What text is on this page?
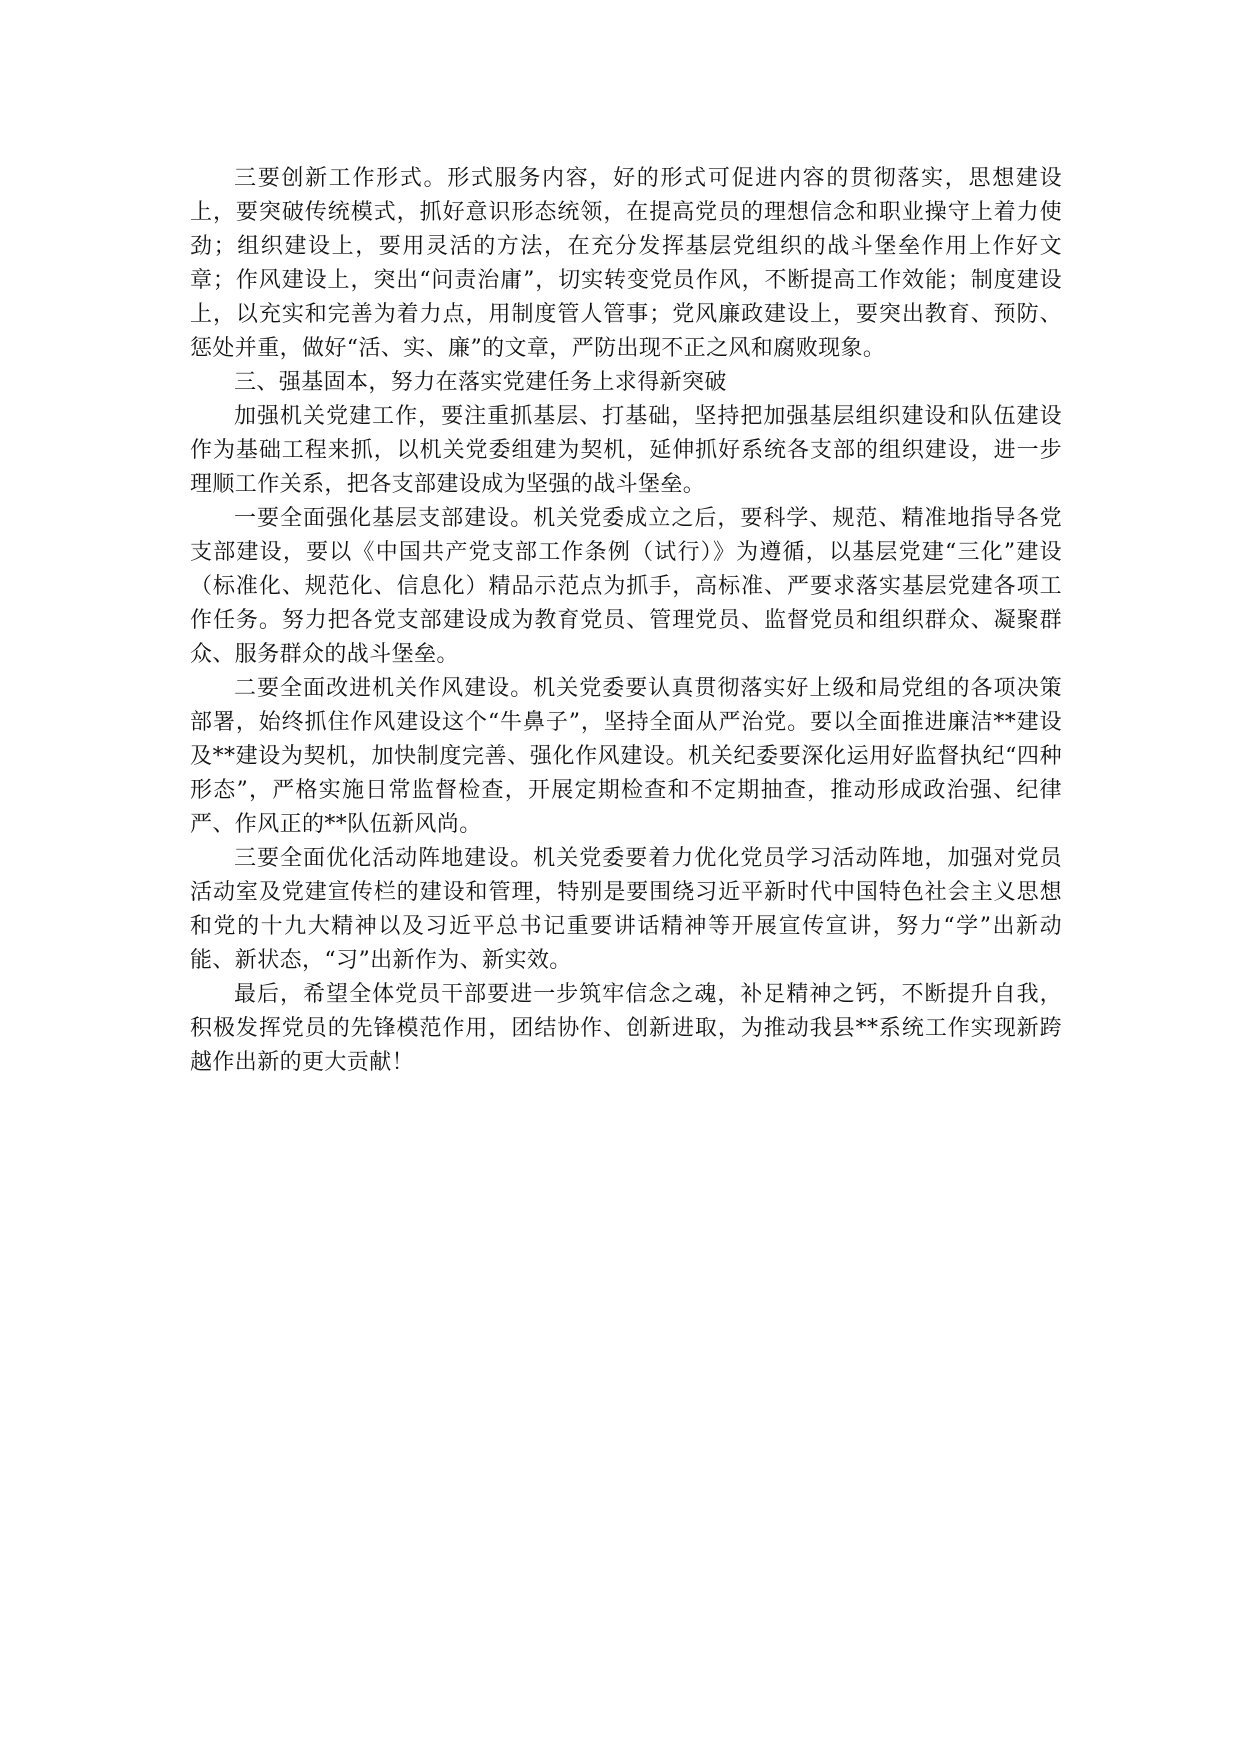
三要创新工作形式。形式服务内容，好的形式可促进内容的贯彻落实，思想建设上，要突破传统模式，抓好意识形态统领，在提高党员的理想信念和职业操守上着力使劲；组织建设上，要用灵活的方法，在充分发挥基层党组织的战斗堡垒作用上作好文章；作风建设上，突出“问责治庸”，切实转变党员作风，不断提高工作效能；制度建设上，以充实和完善为着力点，用制度管人管事；党风廉政建设上，要突出教育、预防、惩处并重，做好“活、实、廉”的文章，严防出现不正之风和腐败现象。

三、强基固本，努力在落实党建任务上求得新突破

加强机关党建工作，要注重抓基层、打基础，坚持把加强基层组织建设和队伍建设作为基础工程来抓，以机关党委组建为契机，延伸抓好系统各支部的组织建设，进一步理顺工作关系，把各支部建设成为坚强的战斗堡垒。

一要全面强化基层支部建设。机关党委成立之后，要科学、规范、精准地指导各党支部建设，要以《中国共产党支部工作条例（试行）》为遵循，以基层党建“三化”建设（标准化、规范化、信息化）精品示范点为抓手，高标准、严要求落实基层党建各项工作任务。努力把各党支部建设成为教育党员、管理党员、监督党员和组织群众、凝聚群众、服务群众的战斗堡垒。

二要全面改进机关作风建设。机关党委要认真贯彻落实好上级和局党组的各项决策部署，始终抓住作风建设这个“牛鼻子”，坚持全面从严治党。要以全面推进廉洁**建设及**建设为契机，加快制度完善、强化作风建设。机关纪委要深化运用好监督执纪“四种形态”，严格实施日常监督检查，开展定期检查和不定期抽查，推动形成政治强、纪律严、作风正的**队伍新风尚。

三要全面优化活动阵地建设。机关党委要着力优化党员学习活动阵地，加强对党员活动室及党建宣传栏的建设和管理，特别是要围绕习近平新时代中国特色社会主义思想和党的十九大精神以及习近平总书记重要讲话精神等开展宣传宣讲，努力“学”出新动能、新状态，“习”出新作为、新实效。

最后，希望全体党员干部要进一步筑牢信念之魂，补足精神之钙，不断提升自我，积极发挥党员的先锋模范作用，团结协作、创新进取，为推动我县**系统工作实现新跨越作出新的更大贡献！
